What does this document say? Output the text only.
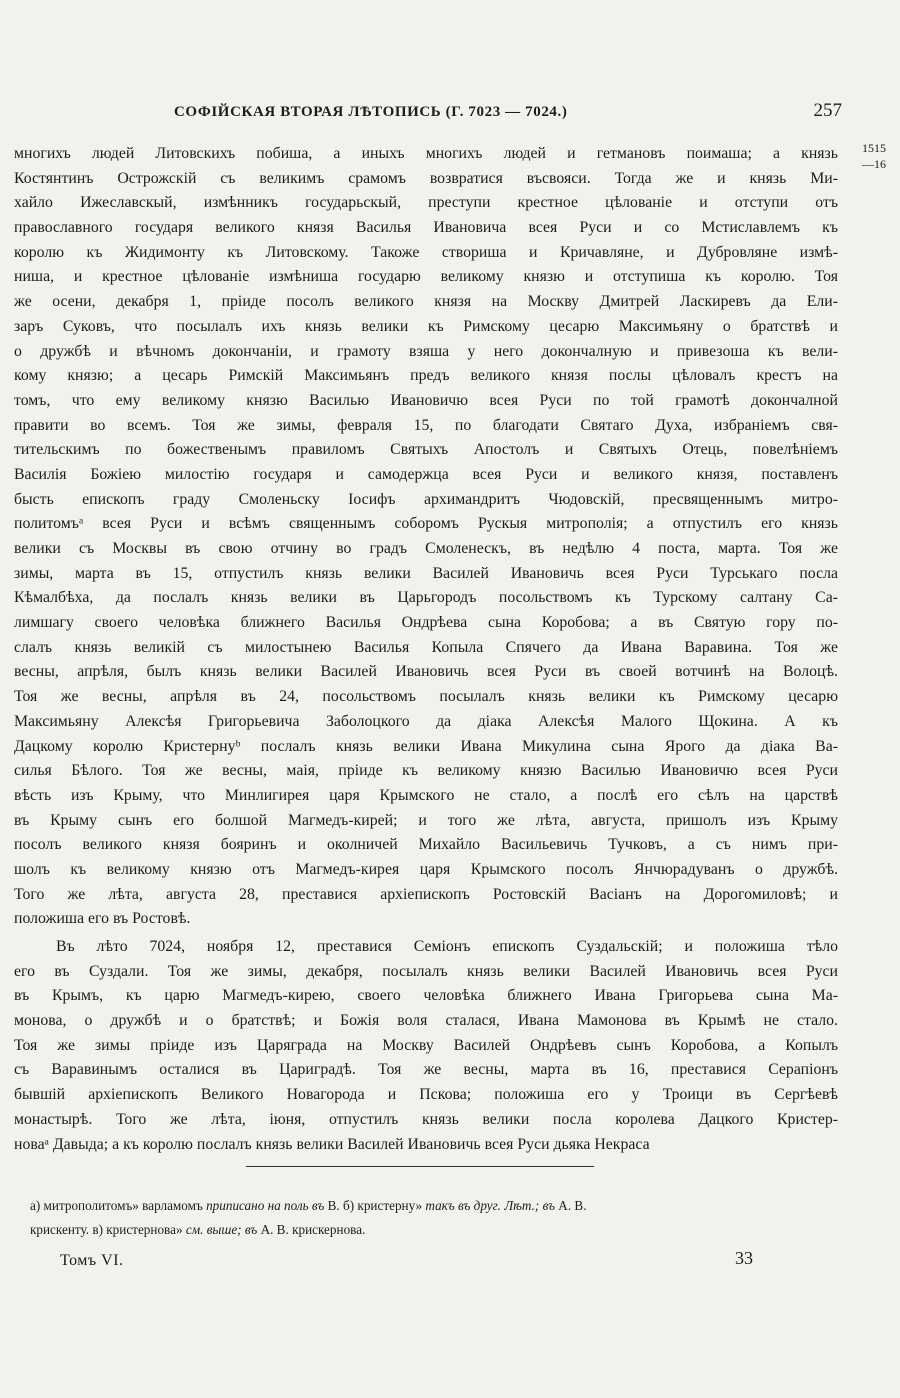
СОФІЙСКАЯ ВТОРАЯ ЛѢТОПИСЬ (Г. 7023 — 7024.)	257
1515
—16
многихъ людей Литовскихъ побиша, а иныхъ многихъ людей и гетмановъ поимаша; а князь
Костянтинъ Острожскій съ великимъ срамомъ возвратися въсвояси. Тогда же и князь Ми-
хайло Ижеславскый, измѣнникъ государьскый, преступи крестное цѣлованіе и отступи отъ
православного государя великого князя Василья Ивановича всея Руси и со Мстиславлемъ къ
королю къ Жидимонту къ Литовскому. Такоже створиша и Кричавляне, и Дубровляне измѣ-
ниша, и крестное цѣлованіе измѣниша государю великому князю и отступиша къ королю. Тоя
же осени, декабря 1, пріиде посолъ великого князя на Москву Дмитрей Ласкиревъ да Ели-
заръ Суковъ, что посылалъ ихъ князь велики къ Римскому цесарю Максимьяну о братствѣ и
о дружбѣ и вѣчномъ докончаніи, и грамоту взяша у него докончалную и привезоша къ вели-
кому князю; а цесарь Римскій Максимьянъ предъ великого князя послы цѣловалъ крестъ на
томъ, что ему великому князю Василью Ивановичю всея Руси по той грамотѣ докончалной
правити во всемъ. Тоя же зимы, февраля 15, по благодати Святаго Духа, избраніемъ свя-
тительскимъ по божественымъ правиломъ Святыхъ Апостолъ и Святыхъ Отець, повелѣніемъ
Василія Божіею милостію государя и самодержца всея Руси и великого князя, поставленъ
бысть епископъ граду Смоленьску Іосифъ архимандритъ Чюдовскій, пресвященнымъ митро-
политомъᵃ всея Руси и всѣмъ священнымъ соборомъ Рускыя митрополія; а отпустилъ его князь
велики съ Москвы въ свою отчину во градъ Смоленескъ, въ недѣлю 4 поста, марта. Тоя же
зимы, марта въ 15, отпустилъ князь велики Василей Ивановичь всея Руси Турськаго посла
Кѣмалбѣха, да послалъ князь велики въ Царьгородъ посольствомъ къ Турскому салтану Са-
лимшагу своего человѣка ближнего Василья Ондрѣева сына Коробова; а въ Святую гору по-
слалъ князь великій съ милостынею Василья Копыла Спячего да Ивана Варавина. Тоя же
весны, апрѣля, былъ князь велики Василей Ивановичь всея Руси въ своей вотчинѣ на Волоцѣ.
Тоя же весны, апрѣля въ 24, посольствомъ посылалъ князь велики къ Римскому цесарю
Максимьяну Алексѣя Григорьевича Заболоцкого да діака Алексѣя Малого Щокина. А къ
Дацкому королю Кристернуᵇ послалъ князь велики Ивана Микулина сына Ярого да діака Ва-
силья Бѣлого. Тоя же весны, маія, пріиде къ великому князю Василью Ивановичю всея Руси
вѣсть изъ Крыму, что Минлигирея царя Крымского не стало, а послѣ его сѣлъ на царствѣ
въ Крыму сынъ его болшой Магмедъ-кирей; и того же лѣта, августа, пришолъ изъ Крыму
посолъ великого князя бояринъ и околничей Михайло Васильевичь Тучковъ, а съ нимъ при-
шолъ къ великому князю отъ Магмедъ-кирея царя Крымского посолъ Янчюрадуванъ о дружбѣ.
Того же лѣта, августа 28, преставися архіепископъ Ростовскій Васіанъ на Дорогомиловѣ; и
положиша его въ Ростовѣ.
Въ лѣто 7024, ноября 12, преставися Семіонъ епископъ Суздальскій; и положиша тѣло
его въ Суздали. Тоя же зимы, декабря, посылалъ князь велики Василей Ивановичь всея Руси
въ Крымъ, къ царю Магмедъ-кирею, своего человѣка ближнего Ивана Григорьева сына Ма-
монова, о дружбѣ и о братствѣ; и Божія воля сталася, Ивана Мамонова въ Крымѣ не стало.
Тоя же зимы пріиде изъ Царяграда на Москву Василей Ондрѣевъ сынъ Коробова, а Копылъ
съ Варавинымъ осталися въ Цариградѣ. Тоя же весны, марта въ 16, преставися Серапіонъ
бывшій архіепископъ Великого Новагорода и Пскова; положиша его у Троици въ Сергѣевѣ
монастырѣ. Того же лѣта, іюня, отпустилъ князь велики посла королева Дацкого Кристер-
новаᵃ Давыда; а къ королю послалъ князь велики Василей Ивановичь всея Руси дьяка Некраса
а) митрополитомъ» варламомъ приписано на поль въ В. б) кристерну» такъ въ друг. Лѣт.; въ А. В.
крискенту. в) кристернова» см. выше; въ А. В. крискернова.
Томъ VI.	33
